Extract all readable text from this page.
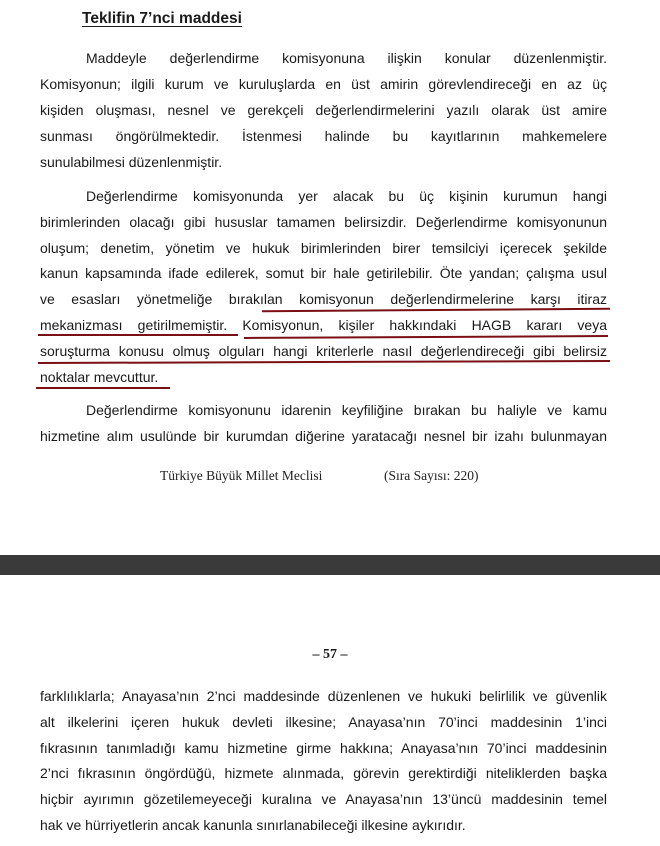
Teklifin 7’nci maddesi
Maddeyle değerlendirme komisyonuna ilişkin konular düzenlenmiştir.
Komisyonun; ilgili kurum ve kuruluşlarda en üst amirin görevlendireceği en az üç
kişiden oluşması, nesnel ve gerekçeli değerlendirmelerini yazılı olarak üst amire
sunması öngörülmektedir. İstenmesi halinde bu kayıtlarının mahkemelere
sunulabilmesi düzenlenmiştir.
Değerlendirme komisyonunda yer alacak bu üç kişinin kurumun hangi
birimlerinden olacağı gibi hususlar tamamen belirsizdir. Değerlendirme komisyonunun
oluşum; denetim, yönetim ve hukuk birimlerinden birer temsilciyi içerecek şekilde
kanun kapsamında ifade edilerek, somut bir hale getirilebilir. Öte yandan; çalışma usul
ve esasları yönetmeliğe bırakılan komisyonun değerlendirmelerine karşı itiraz
mekanizması getirilmemiştir. Komisyonun, kişiler hakkındaki HAGB kararı veya
soruşturma konusu olmuş olguları hangi kriterlerle nasıl değerlendireceği gibi belirsiz
noktalar mevcuttur.
Değerlendirme komisyonunu idarenin keyfiliğine bırakan bu haliyle ve kamu
hizmetine alım usulünde bir kurumdan diğerine yaratacağı nesnel bir izahı bulunmayan
Türkiye Büyük Millet Meclisi	(Sıra Sayısı: 220)
– 57 –
farklılıklarla; Anayasa’nın 2’nci maddesinde düzenlenen ve hukuki belirlilik ve güvenlik
alt ilkelerini içeren hukuk devleti ilkesine; Anayasa’nın 70’inci maddesinin 1’inci
fıkrasının tanımladığı kamu hizmetine girme hakkına; Anayasa’nın 70’inci maddesinin
2’nci fıkrasının öngördüğü, hizmete alınmada, görevin gerektirdiği niteliklerden başka
hiçbir ayırımın gözetilemeyeceği kuralına ve Anayasa’nın 13’üncü maddesinin temel
hak ve hürriyetlerin ancak kanunla sınırlanabileceği ilkesine aykırıdır.
